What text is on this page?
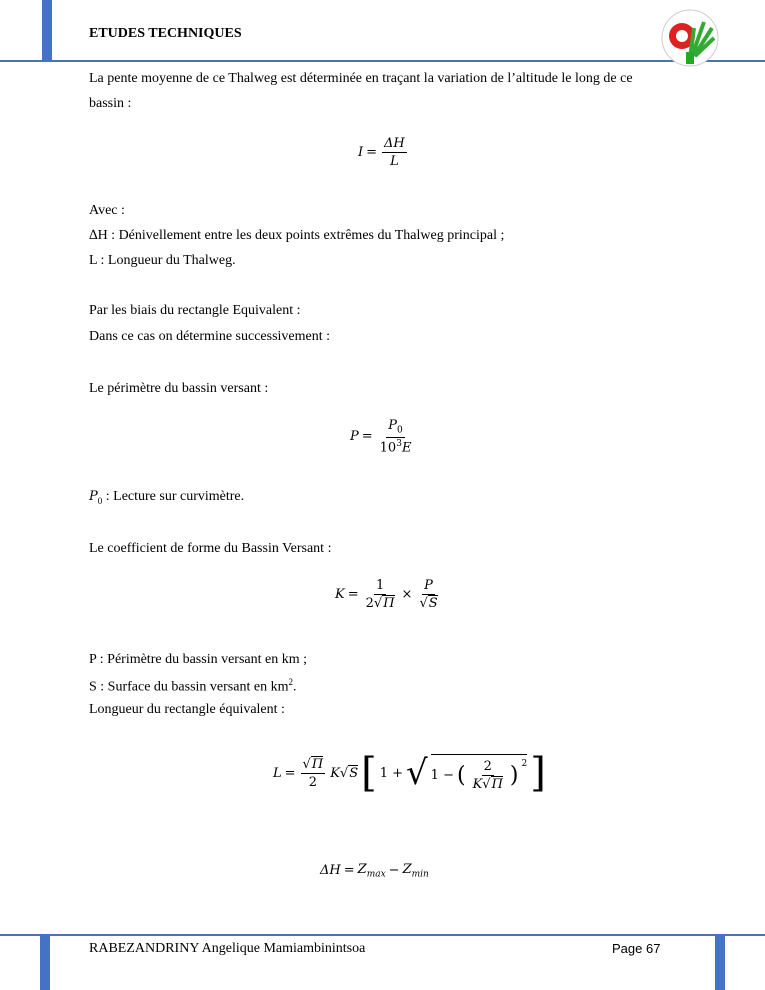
ETUDES TECHNIQUES
La pente moyenne de ce Thalweg est déterminée en traçant la variation de l’altitude le long de ce
bassin :
$I = \frac{\Delta H}{L}$
Avec :
∆H : Dénivellement entre les deux points extrêmes du Thalweg principal ;
L : Longueur du Thalweg.
Par les biais du rectangle Equivalent :
Dans ce cas on détermine successivement :
Le périmètre du bassin versant :
$P = \frac{P_0}{10^3E}$
$P_0$ : Lecture sur curvimètre.
Le coefficient de forme du Bassin Versant :
$K = \frac{1}{2√\Pi} \times \frac{P}{√S}$
P : Périmètre du bassin versant en km ;
S : Surface du bassin versant en $km^2$.
Longueur du rectangle équivalent :
$L = \frac{√\Pi}{2} K√S$ [ 1 + √ 1 − ( $\frac{2}{K√\Pi}$ ) $^2$ ]
$\Delta H = Z_{max} - Z_{min}$
RABEZANDRINY Angelique Mamiambinintsoa	Page 67
